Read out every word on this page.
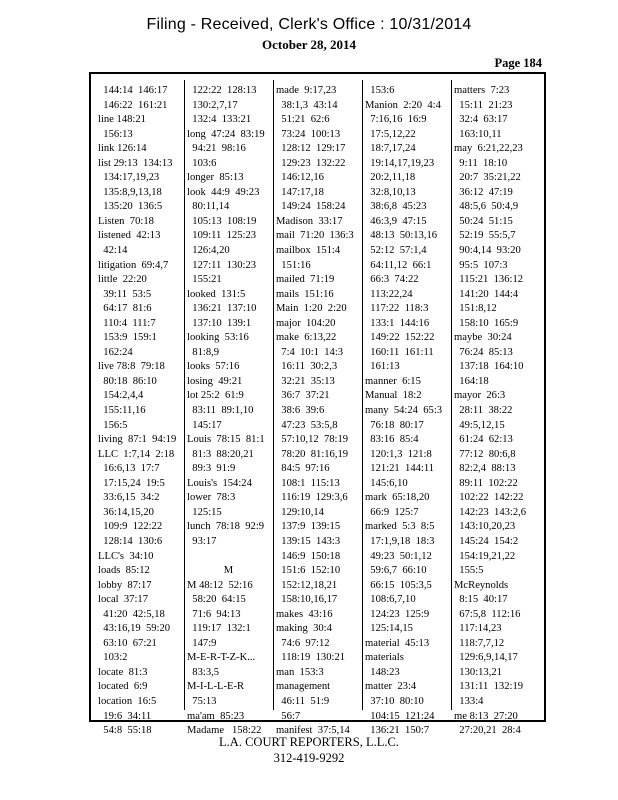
Filing - Received, Clerk's Office : 10/31/2014
October 28, 2014
Page 184
144:14  146:17
146:22  161:21
line 148:21
156:13
link 126:14
list 29:13  134:13
134:17,19,23
135:8,9,13,18
135:20  136:5
Listen  70:18
listened  42:13
42:14
litigation  69:4,7
little  22:20
39:11  53:5
64:17  81:6
110:4  111:7
153:9  159:1
162:24
live 78:8  79:18
80:18  86:10
154:2,4,4
155:11,16
156:5
living  87:1  94:19
LLC  1:7,14  2:18
16:6,13  17:7
17:15,24  19:5
33:6,15  34:2
36:14,15,20
109:9  122:22
128:14  130:6
LLC's  34:10
loads  85:12
lobby  87:17
local  37:17
41:20  42:5,18
43:16,19  59:20
63:10  67:21
103:2
locate  81:3
located  6:9
location  16:5
19:6  34:11
54:8  55:18
122:22  128:13
130:2,7,17
132:4  133:21
long  47:24  83:19
94:21  98:16
103:6
longer  85:13
look  44:9  49:23
80:11,14
105:13  108:19
109:11  125:23
126:4,20
127:11  130:23
155:21
looked  131:5
136:21  137:10
137:10  139:1
looking  53:16
81:8,9
looks  57:16
losing  49:21
lot 25:2  61:9
83:11  89:1,10
145:17
Louis  78:15  81:1
81:3  88:20,21
89:3  91:9
Louis's  154:24
lower  78:3
125:15
lunch  78:18  92:9
93:17
M
M 48:12  52:16
58:20  64:15
71:6  94:13
119:17  132:1
147:9
M-E-R-T-Z-K...
83:3,5
M-I-L-L-E-R
75:13
ma'am  85:23
Madame   158:22
made  9:17,23
38:1,3  43:14
51:21  62:6
73:24  100:13
128:12  129:17
129:23  132:22
146:12,16
147:17,18
149:24  158:24
Madison  33:17
mail  71:20  136:3
mailbox  151:4
151:16
mailed  71:19
mails  151:16
Main  1:20  2:20
major  104:20
make  6:13,22
7:4  10:1  14:3
16:11  30:2,3
32:21  35:13
36:7  37:21
38:6  39:6
47:23  53:5,8
57:10,12  78:19
78:20  81:16,19
84:5  97:16
108:1  115:13
116:19  129:3,6
129:10,14
137:9  139:15
139:15  143:3
146:9  150:18
151:6  152:10
152:12,18,21
158:10,16,17
makes  43:16
making  30:4
74:6  97:12
118:19  130:21
man  153:3
management
46:11  51:9
56:7
manifest  37:5,14
153:6
Manion  2:20  4:4
7:16,16  16:9
17:5,12,22
18:7,17,24
19:14,17,19,23
20:2,11,18
32:8,10,13
38:6,8  45:23
46:3,9  47:15
48:13  50:13,16
52:12  57:1,4
64:11,12  66:1
66:3  74:22
113:22,24
117:22  118:3
133:1  144:16
149:22  152:22
160:11  161:11
161:13
manner  6:15
Manual  18:2
many  54:24  65:3
76:18  80:17
83:16  85:4
120:1,3  121:8
121:21  144:11
145:6,10
mark  65:18,20
66:9  125:7
marked  5:3  8:5
17:1,9,18  18:3
49:23  50:1,12
59:6,7  66:10
66:15  105:3,5
108:6,7,10
124:23  125:9
125:14,15
material  45:13
materials
148:23
matter  23:4
37:10  80:10
104:15  121:24
136:21  150:7
matters  7:23
15:11  21:23
32:4  63:17
163:10,11
may  6:21,22,23
9:11  18:10
20:7  35:21,22
36:12  47:19
48:5,6  50:4,9
50:24  51:15
52:19  55:5,7
90:4,14  93:20
95:5  107:3
115:21  136:12
141:20  144:4
151:8,12
158:10  165:9
maybe  30:24
76:24  85:13
137:18  164:10
164:18
mayor  26:3
28:11  38:22
49:5,12,15
61:24  62:13
77:12  80:6,8
82:2,4  88:13
89:11  102:22
102:22  142:22
142:23  143:2,6
143:10,20,23
145:24  154:2
154:19,21,22
155:5
McReynolds
8:15  40:17
67:5,8  112:16
117:14,23
118:7,7,12
129:6,9,14,17
130:13,21
131:11  132:19
133:4
me 8:13  27:20
27:20,21  28:4
L.A. COURT REPORTERS, L.L.C.
312-419-9292
